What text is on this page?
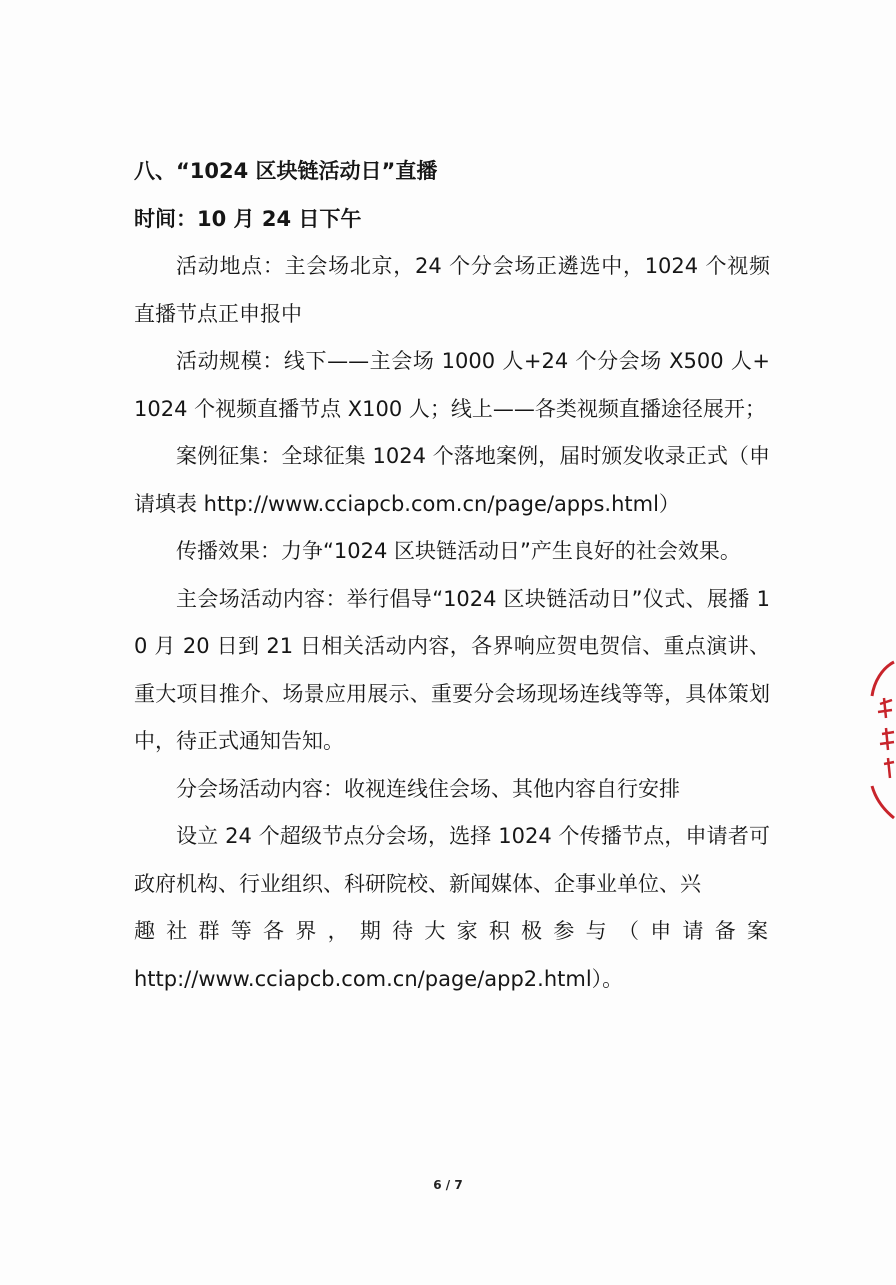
八、“1024 区块链活动日”直播

时间：10 月 24 日下午

活动地点：主会场北京，24 个分会场正遴选中，1024 个视频直播节点正申报中

活动规模：线下——主会场 1000 人+24 个分会场 X500 人+1024 个视频直播节点 X100 人；线上——各类视频直播途径展开；

案例征集：全球征集 1024 个落地案例，届时颁发收录正式（申请填表 http://www.cciapcb.com.cn/page/apps.html）

传播效果：力争“1024 区块链活动日”产生良好的社会效果。

主会场活动内容：举行倡导“1024 区块链活动日”仪式、展播 10 月 20 日到 21 日相关活动内容，各界响应贺电贺信、重点演讲、重大项目推介、场景应用展示、重要分会场现场连线等等，具体策划中，待正式通知告知。

分会场活动内容：收视连线住会场、其他内容自行安排

设立 24 个超级节点分会场，选择 1024 个传播节点，申请者可政府机构、行业组织、科研院校、新闻媒体、企事业单位、兴

趣社群等各界，期待大家积极参与（申请备案

http://www.cciapcb.com.cn/page/app2.html）。

6 / 7
